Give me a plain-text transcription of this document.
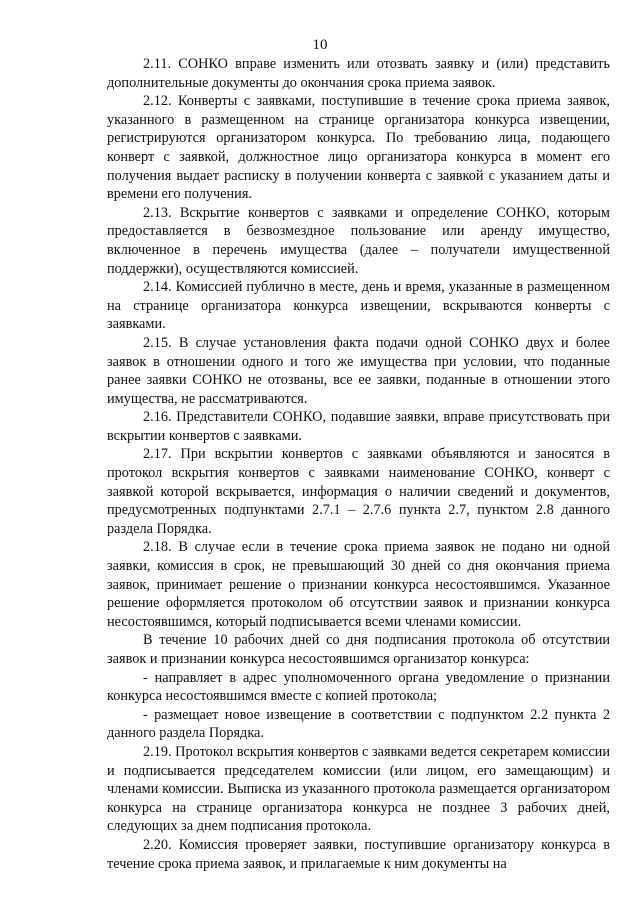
10

2.11. СОНКО вправе изменить или отозвать заявку и (или) представить дополнительные документы до окончания срока приема заявок.

2.12. Конверты с заявками, поступившие в течение срока приема заявок, указанного в размещенном на странице организатора конкурса извещении, регистрируются организатором конкурса. По требованию лица, подающего конверт с заявкой, должностное лицо организатора конкурса в момент его получения выдает расписку в получении конверта с заявкой с указанием даты и времени его получения.

2.13. Вскрытие конвертов с заявками и определение СОНКО, которым предоставляется в безвозмездное пользование или аренду имущество, включенное в перечень имущества (далее – получатели имущественной поддержки), осуществляются комиссией.

2.14. Комиссией публично в месте, день и время, указанные в размещенном на странице организатора конкурса извещении, вскрываются конверты с заявками.

2.15. В случае установления факта подачи одной СОНКО двух и более заявок в отношении одного и того же имущества при условии, что поданные ранее заявки СОНКО не отозваны, все ее заявки, поданные в отношении этого имущества, не рассматриваются.

2.16. Представители СОНКО, подавшие заявки, вправе присутствовать при вскрытии конвертов с заявками.

2.17. При вскрытии конвертов с заявками объявляются и заносятся в протокол вскрытия конвертов с заявками наименование СОНКО, конверт с заявкой которой вскрывается, информация о наличии сведений и документов, предусмотренных подпунктами 2.7.1 – 2.7.6 пункта 2.7, пунктом 2.8 данного раздела Порядка.

2.18. В случае если в течение срока приема заявок не подано ни одной заявки, комиссия в срок, не превышающий 30 дней со дня окончания приема заявок, принимает решение о признании конкурса несостоявшимся. Указанное решение оформляется протоколом об отсутствии заявок и признании конкурса несостоявшимся, который подписывается всеми членами комиссии.

В течение 10 рабочих дней со дня подписания протокола об отсутствии заявок и признании конкурса несостоявшимся организатор конкурса:

- направляет в адрес уполномоченного органа уведомление о признании конкурса несостоявшимся вместе с копией протокола;

- размещает новое извещение в соответствии с подпунктом 2.2 пункта 2 данного раздела Порядка.

2.19. Протокол вскрытия конвертов с заявками ведется секретарем комиссии и подписывается председателем комиссии (или лицом, его замещающим) и членами комиссии. Выписка из указанного протокола размещается организатором конкурса на странице организатора конкурса не позднее 3 рабочих дней, следующих за днем подписания протокола.

2.20. Комиссия проверяет заявки, поступившие организатору конкурса в течение срока приема заявок, и прилагаемые к ним документы на
